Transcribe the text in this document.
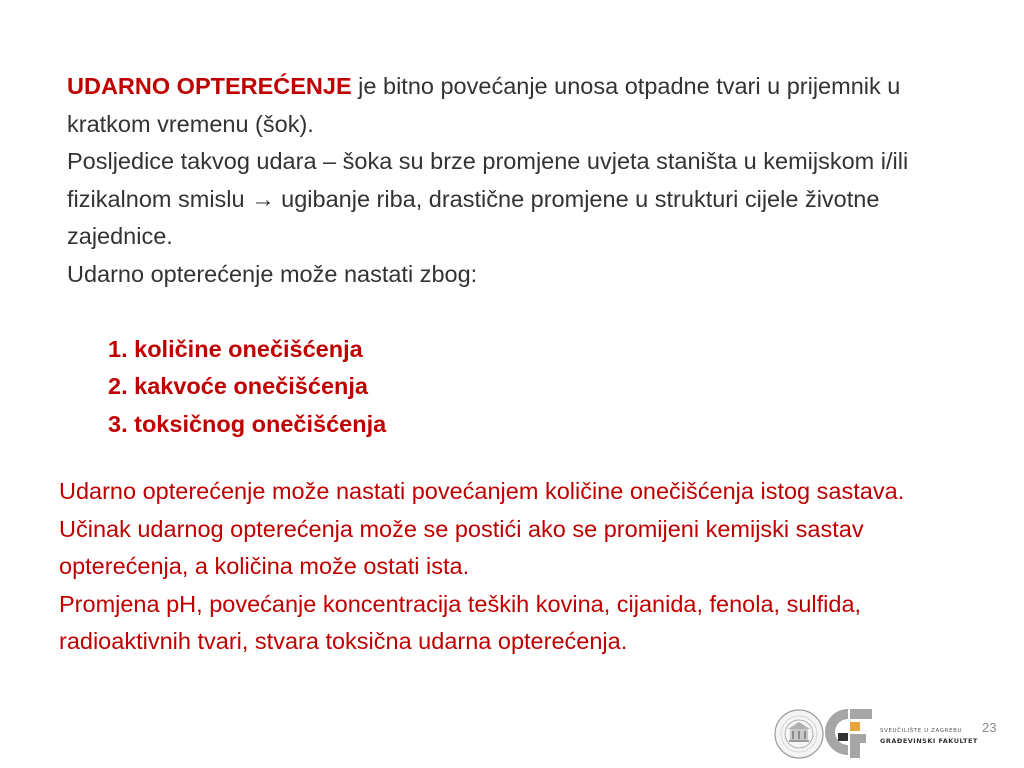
UDARNO OPTEREĆENJE je bitno povećanje unosa otpadne tvari u prijemnik u kratkom vremenu (šok).

Posljedice takvog udara – šoka su brze promjene uvjeta staništa u kemijskom i/ili fizikalnom smislu → ugibanje riba, drastične promjene u strukturi cijele životne zajednice.

Udarno opterećenje može nastati zbog:

1. količine onečišćenja
2. kakvoće onečišćenja
3. toksičnog onečišćenja

Udarno opterećenje može nastati povećanjem količine onečišćenja istog sastava.

Učinak udarnog opterećenja može se postići ako se promijeni kemijski sastav opterećenja, a količina može ostati ista.

Promjena pH, povećanje koncentracija teških kovina, cijanida, fenola, sulfida, radioaktivnih tvari, stvara toksična udarna opterećenja.

SVEUČILIŠTE U ZAGREBU
GRAĐEVINSKI FAKULTET
23
